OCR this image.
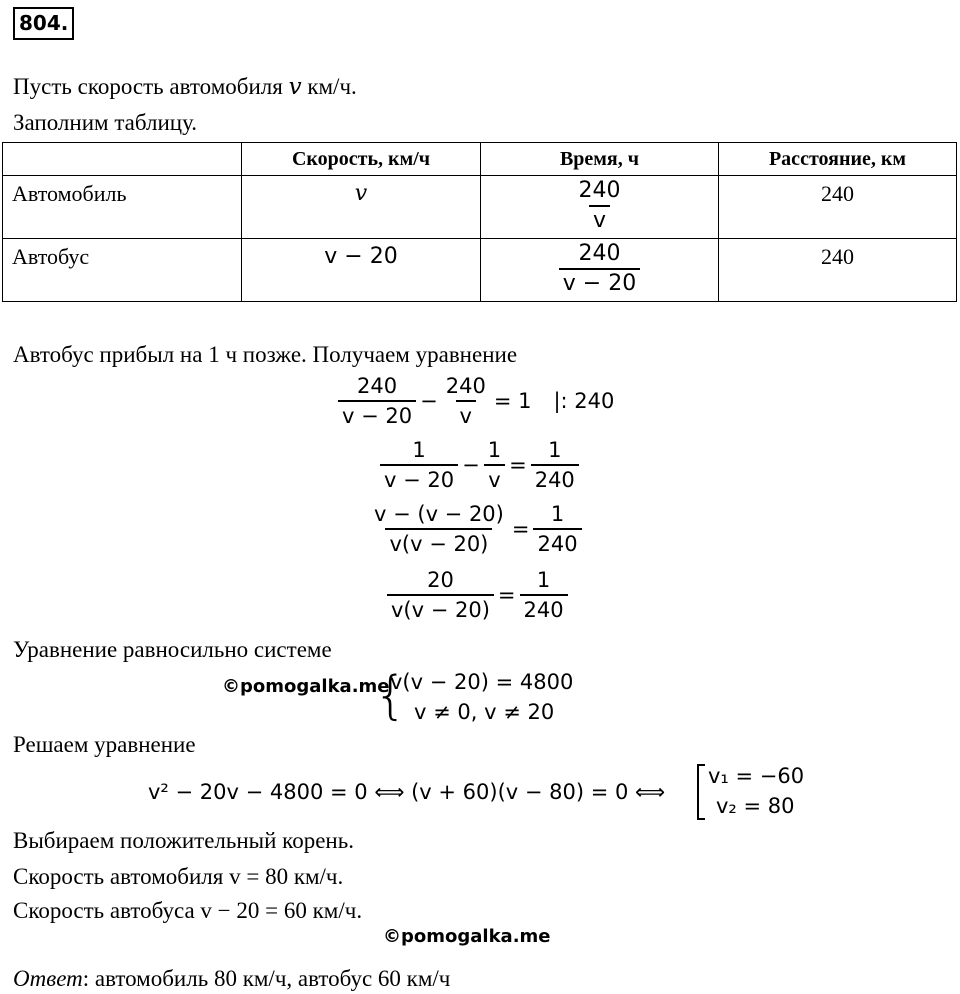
804.
Пусть скорость автомобиля v км/ч.
Заполним таблицу.
	Скорость, км/ч	Время, ч	Расстояние, км
Автомобиль	v	$\frac{240}{v}$	240
Автобус	v − 20	$\frac{240}{v - 20}$	240
Автобус прибыл на 1 ч позже. Получаем уравнение
$\frac{240}{v - 20} - \frac{240}{v} = 1$	|: 240
$\frac{1}{v - 20} - \frac{1}{v} = \frac{1}{240}$
$\frac{v - (v - 20)}{v(v - 20)} = \frac{1}{240}$
$\frac{20}{v(v - 20)} = \frac{1}{240}$
Уравнение равносильно системе
©pomogalka.me
{
v(v − 20) = 4800
v ≠ 0, v ≠ 20
Решаем уравнение
v² − 20v − 4800 = 0 ⟺ (v + 60)(v − 80) = 0 ⟺
v₁ = −60
v₂ = 80
Выбираем положительный корень.
Скорость автомобиля v = 80 км/ч.
Скорость автобуса v − 20 = 60 км/ч.
©pomogalka.me
Ответ: автомобиль 80 км/ч, автобус 60 км/ч
